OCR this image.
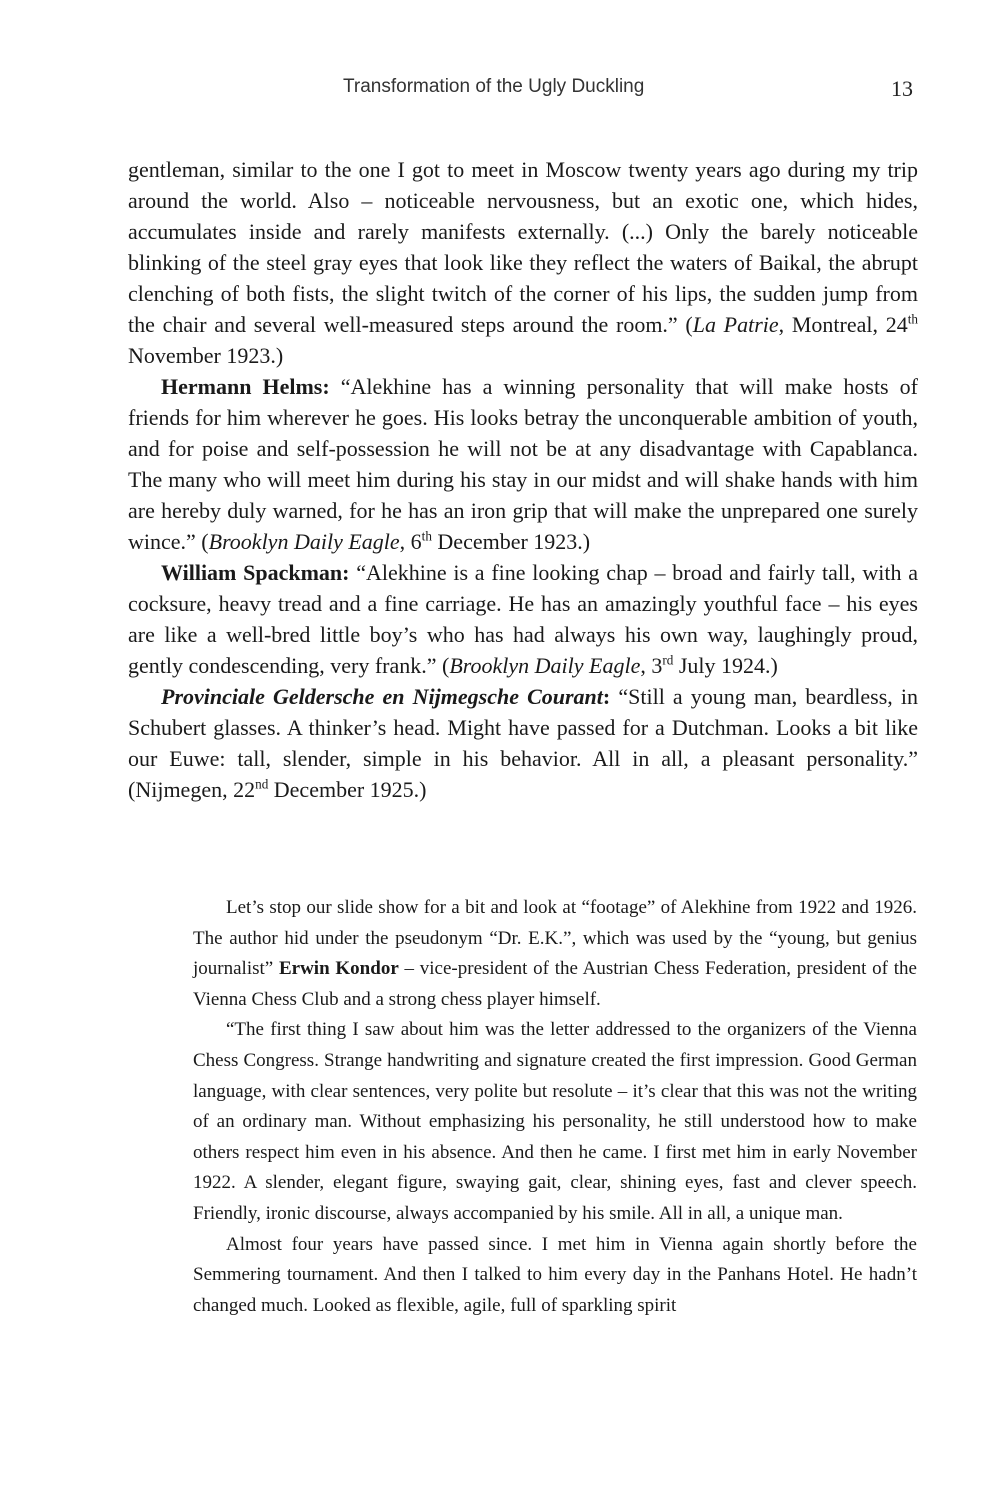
Transformation of the Ugly Duckling	13

gentleman, similar to the one I got to meet in Moscow twenty years ago during my trip around the world. Also – noticeable nervousness, but an exotic one, which hides, accumulates inside and rarely manifests externally. (...) Only the barely noticeable blinking of the steel gray eyes that look like they reflect the waters of Baikal, the abrupt clenching of both fists, the slight twitch of the corner of his lips, the sudden jump from the chair and several well-measured steps around the room.” (La Patrie, Montreal, 24th November 1923.)

Hermann Helms: “Alekhine has a winning personality that will make hosts of friends for him wherever he goes. His looks betray the unconquerable ambition of youth, and for poise and self-possession he will not be at any disadvantage with Capablanca. The many who will meet him during his stay in our midst and will shake hands with him are hereby duly warned, for he has an iron grip that will make the unprepared one surely wince.” (Brooklyn Daily Eagle, 6th December 1923.)

William Spackman: “Alekhine is a fine looking chap – broad and fairly tall, with a cocksure, heavy tread and a fine carriage. He has an amazingly youthful face – his eyes are like a well-bred little boy’s who has had always his own way, laughingly proud, gently condescending, very frank.” (Brooklyn Daily Eagle, 3rd July 1924.)

Provinciale Geldersche en Nijmegsche Courant: “Still a young man, beardless, in Schubert glasses. A thinker’s head. Might have passed for a Dutchman. Looks a bit like our Euwe: tall, slender, simple in his behavior. All in all, a pleasant personality.” (Nijmegen, 22nd December 1925.)

Let’s stop our slide show for a bit and look at “footage” of Alekhine from 1922 and 1926. The author hid under the pseudonym “Dr. E.K.”, which was used by the “young, but genius journalist” Erwin Kondor – vice-president of the Austrian Chess Federation, president of the Vienna Chess Club and a strong chess player himself.

“The first thing I saw about him was the letter addressed to the organizers of the Vienna Chess Congress. Strange handwriting and signature created the first impression. Good German language, with clear sentences, very polite but resolute – it’s clear that this was not the writing of an ordinary man. Without emphasizing his personality, he still understood how to make others respect him even in his absence. And then he came. I first met him in early November 1922. A slender, elegant figure, swaying gait, clear, shining eyes, fast and clever speech. Friendly, ironic discourse, always accompanied by his smile. All in all, a unique man.

Almost four years have passed since. I met him in Vienna again shortly before the Semmering tournament. And then I talked to him every day in the Panhans Hotel. He hadn’t changed much. Looked as flexible, agile, full of sparkling spirit
